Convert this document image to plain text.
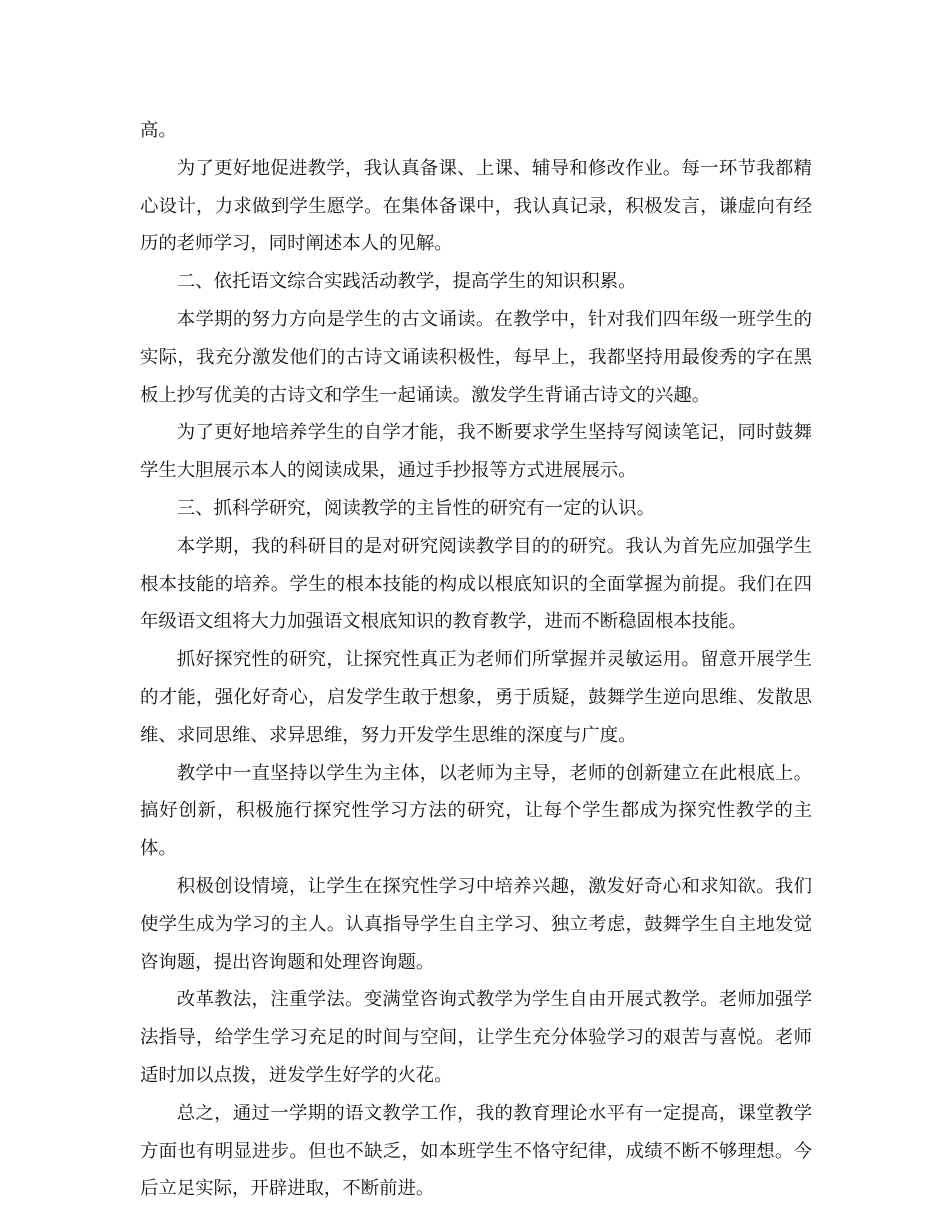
高。

为了更好地促进教学，我认真备课、上课、辅导和修改作业。每一环节我都精心设计，力求做到学生愿学。在集体备课中，我认真记录，积极发言，谦虚向有经历的老师学习，同时阐述本人的见解。

二、依托语文综合实践活动教学，提高学生的知识积累。

本学期的努力方向是学生的古文诵读。在教学中，针对我们四年级一班学生的实际，我充分激发他们的古诗文诵读积极性，每早上，我都坚持用最俊秀的字在黑板上抄写优美的古诗文和学生一起诵读。激发学生背诵古诗文的兴趣。

为了更好地培养学生的自学才能，我不断要求学生坚持写阅读笔记，同时鼓舞学生大胆展示本人的阅读成果，通过手抄报等方式进展展示。

三、抓科学研究，阅读教学的主旨性的研究有一定的认识。

本学期，我的科研目的是对研究阅读教学目的的研究。我认为首先应加强学生根本技能的培养。学生的根本技能的构成以根底知识的全面掌握为前提。我们在四年级语文组将大力加强语文根底知识的教育教学，进而不断稳固根本技能。

抓好探究性的研究，让探究性真正为老师们所掌握并灵敏运用。留意开展学生的才能，强化好奇心，启发学生敢于想象，勇于质疑，鼓舞学生逆向思维、发散思维、求同思维、求异思维，努力开发学生思维的深度与广度。

教学中一直坚持以学生为主体，以老师为主导，老师的创新建立在此根底上。搞好创新，积极施行探究性学习方法的研究，让每个学生都成为探究性教学的主体。

积极创设情境，让学生在探究性学习中培养兴趣，激发好奇心和求知欲。我们使学生成为学习的主人。认真指导学生自主学习、独立考虑，鼓舞学生自主地发觉咨询题，提出咨询题和处理咨询题。

改革教法，注重学法。变满堂咨询式教学为学生自由开展式教学。老师加强学法指导，给学生学习充足的时间与空间，让学生充分体验学习的艰苦与喜悦。老师适时加以点拨，迸发学生好学的火花。

总之，通过一学期的语文教学工作，我的教育理论水平有一定提高，课堂教学方面也有明显进步。但也不缺乏，如本班学生不恪守纪律，成绩不断不够理想。今后立足实际，开辟进取，不断前进。
